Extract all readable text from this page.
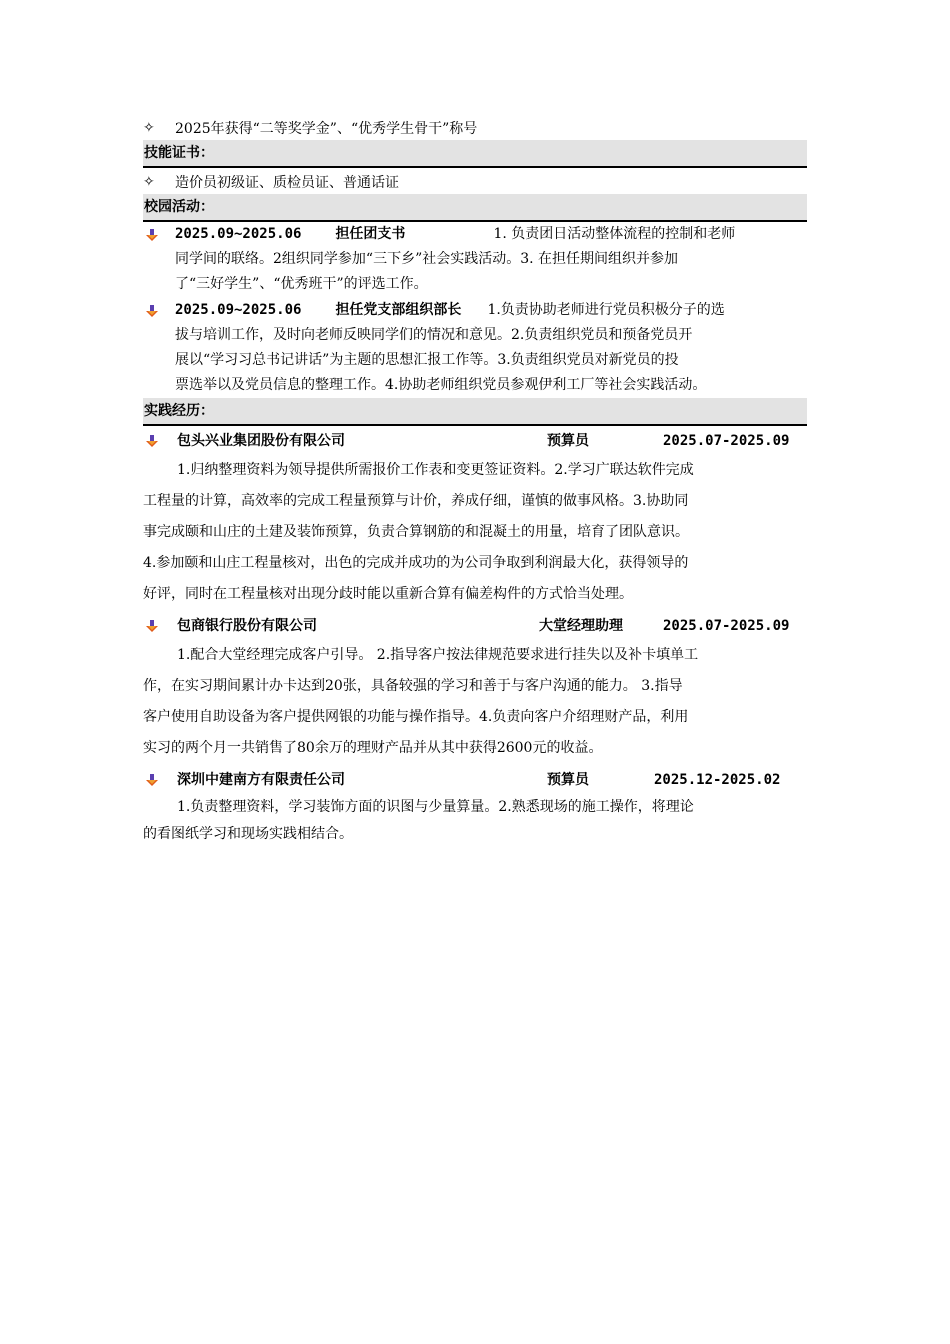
✧	2025年获得“二等奖学金”、“优秀学生骨干”称号
技能证书：
✧	造价员初级证、质检员证、普通话证
校园活动：
2025.09~2025.06 担任团支书	1. 负责团日活动整体流程的控制和老师
同学间的联络。2组织同学参加“三下乡”社会实践活动。3. 在担任期间组织并参加
了“三好学生”、“优秀班干”的评选工作。
2025.09~2025.06 担任党支部组织部长 1.负责协助老师进行党员积极分子的选
拔与培训工作，及时向老师反映同学们的情况和意见。2.负责组织党员和预备党员开
展以“学习习总书记讲话”为主题的思想汇报工作等。3.负责组织党员对新党员的投
票选举以及党员信息的整理工作。4.协助老师组织党员参观伊利工厂等社会实践活动。
实践经历：
包头兴业集团股份有限公司	预算员	2025.07-2025.09
1.归纳整理资料为领导提供所需报价工作表和变更签证资料。2.学习广联达软件完成
工程量的计算，高效率的完成工程量预算与计价，养成仔细，谨慎的做事风格。3.协助同
事完成颐和山庄的土建及装饰预算，负责合算钢筋的和混凝土的用量，培育了团队意识。
4.参加颐和山庄工程量核对，出色的完成并成功的为公司争取到利润最大化，获得领导的
好评，同时在工程量核对出现分歧时能以重新合算有偏差构件的方式恰当处理。
包商银行股份有限公司	大堂经理助理	2025.07-2025.09
1.配合大堂经理完成客户引导。 2.指导客户按法律规范要求进行挂失以及补卡填单工
作，在实习期间累计办卡达到20张，具备较强的学习和善于与客户沟通的能力。 3.指导
客户使用自助设备为客户提供网银的功能与操作指导。4.负责向客户介绍理财产品，利用
实习的两个月一共销售了80余万的理财产品并从其中获得2600元的收益。
深圳中建南方有限责任公司	预算员	2025.12-2025.02
1.负责整理资料，学习装饰方面的识图与少量算量。2.熟悉现场的施工操作，将理论
的看图纸学习和现场实践相结合。
